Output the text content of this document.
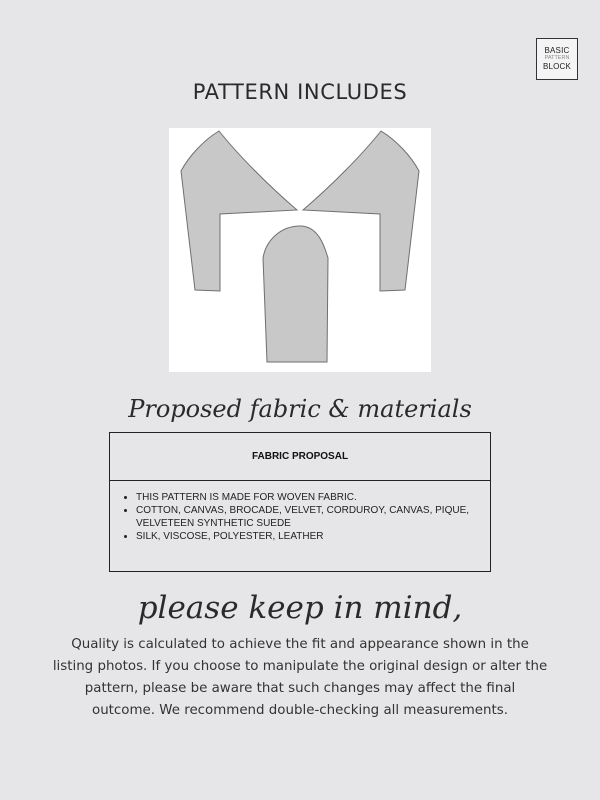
BASIC
PATTERN
BLOCK
PATTERN INCLUDES
Proposed fabric & materials
FABRIC PROPOSAL
• THIS PATTERN IS MADE FOR WOVEN FABRIC.
• COTTON, CANVAS, BROCADE, VELVET, CORDUROY, CANVAS, PIQUE, VELVETEEN SYNTHETIC SUEDE
• SILK, VISCOSE, POLYESTER, LEATHER
please keep in mind,
Quality is calculated to achieve the fit and appearance shown in the listing photos. If you choose to manipulate the original design or alter the pattern, please be aware that such changes may affect the final outcome. We recommend double-checking all measurements.
